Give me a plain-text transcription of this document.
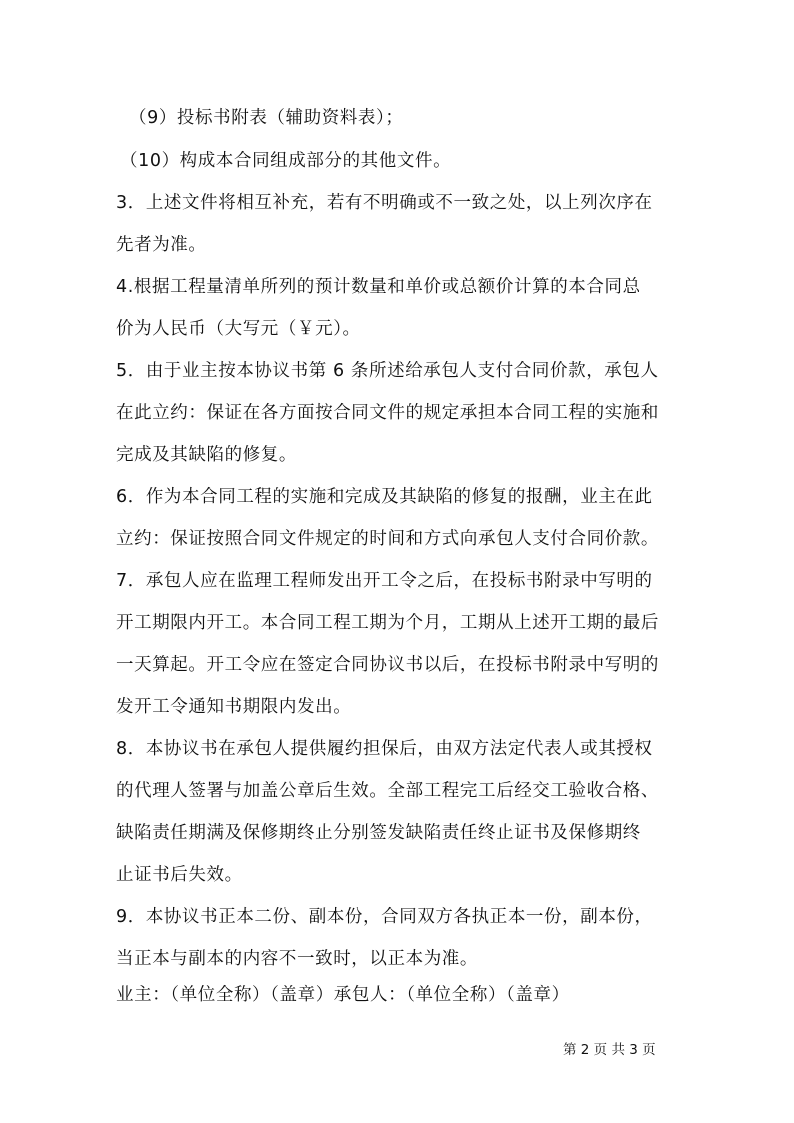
（9）投标书附表（辅助资料表）；
（10）构成本合同组成部分的其他文件。
3．上述文件将相互补充，若有不明确或不一致之处，以上列次序在
先者为准。
4.根据工程量清单所列的预计数量和单价或总额价计算的本合同总
价为人民币（大写元（￥元）。
5．由于业主按本协议书第 6 条所述给承包人支付合同价款，承包人
在此立约：保证在各方面按合同文件的规定承担本合同工程的实施和
完成及其缺陷的修复。
6．作为本合同工程的实施和完成及其缺陷的修复的报酬，业主在此
立约：保证按照合同文件规定的时间和方式向承包人支付合同价款。
7．承包人应在监理工程师发出开工令之后，在投标书附录中写明的
开工期限内开工。本合同工程工期为个月，工期从上述开工期的最后
一天算起。开工令应在签定合同协议书以后，在投标书附录中写明的
发开工令通知书期限内发出。
8．本协议书在承包人提供履约担保后，由双方法定代表人或其授权
的代理人签署与加盖公章后生效。全部工程完工后经交工验收合格、
缺陷责任期满及保修期终止分别签发缺陷责任终止证书及保修期终
止证书后失效。
9．本协议书正本二份、副本份，合同双方各执正本一份，副本份，
当正本与副本的内容不一致时，以正本为准。
业主：（单位全称）（盖章）承包人：（单位全称）（盖章）
第 2 页 共 3 页
